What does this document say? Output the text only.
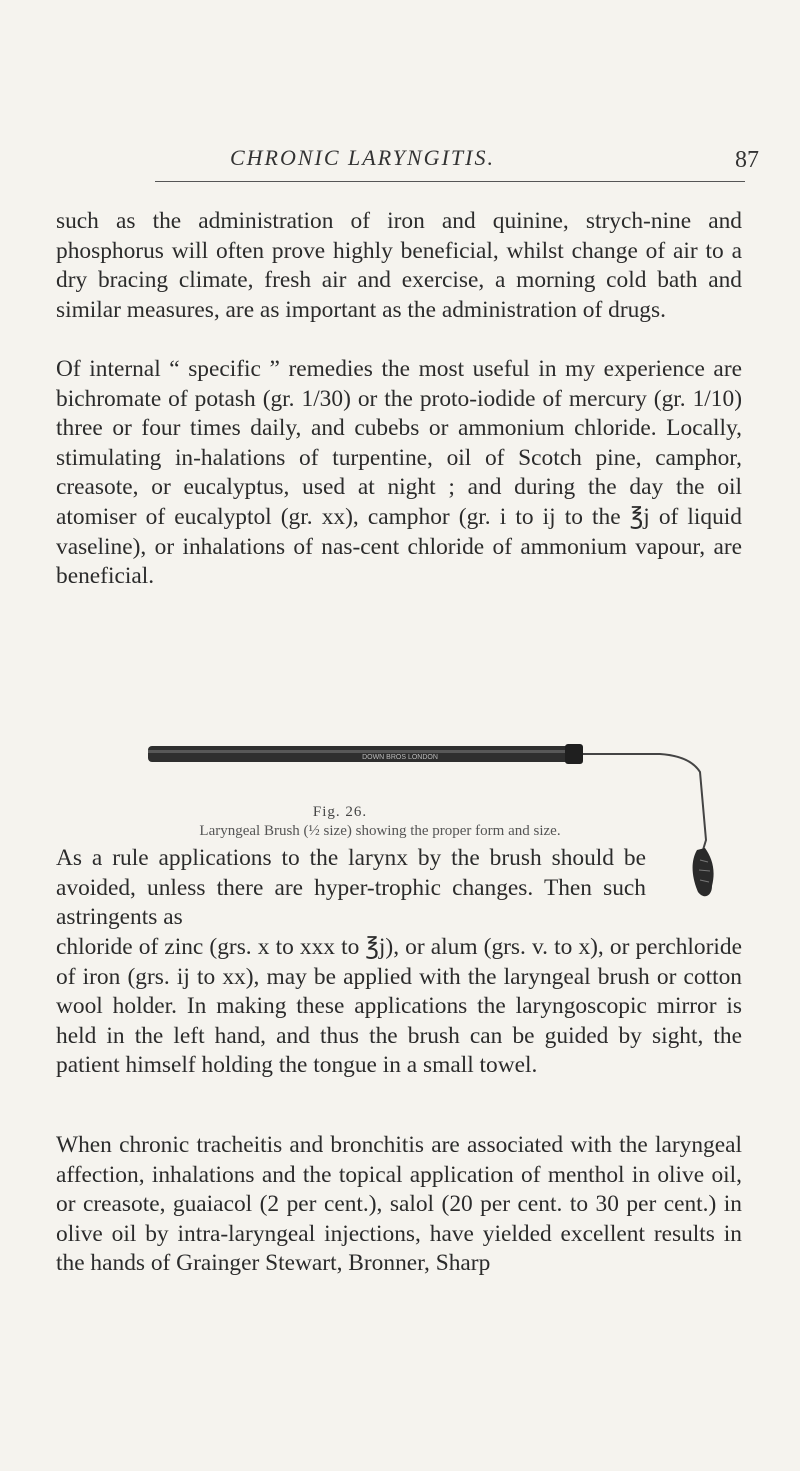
CHRONIC LARYNGITIS.	87

such as the administration of iron and quinine, strych-nine and phosphorus will often prove highly beneficial, whilst change of air to a dry bracing climate, fresh air and exercise, a morning cold bath and similar measures, are as important as the administration of drugs.

Of internal “ specific ” remedies the most useful in my experience are bichromate of potash (gr. 1/30) or the proto-iodide of mercury (gr. 1/10) three or four times daily, and cubebs or ammonium chloride. Locally, stimulating in-halations of turpentine, oil of Scotch pine, camphor, creasote, or eucalyptus, used at night ; and during the day the oil atomiser of eucalyptol (gr. xx), camphor (gr. i to ij to the ℥j of liquid vaseline), or inhalations of nas-cent chloride of ammonium vapour, are beneficial.

DOWN BROS LONDON
Fig. 26.
Laryngeal Brush (½ size) showing the proper form and size.

As a rule applications to the larynx by the brush should be avoided, unless there are hyper-trophic changes. Then such astringents as

chloride of zinc (grs. x to xxx to ℥j), or alum (grs. v. to x), or perchloride of iron (grs. ij to xx), may be applied with the laryngeal brush or cotton wool holder. In making these applications the laryngoscopic mirror is held in the left hand, and thus the brush can be guided by sight, the patient himself holding the tongue in a small towel.

When chronic tracheitis and bronchitis are associated with the laryngeal affection, inhalations and the topical application of menthol in olive oil, or creasote, guaiacol (2 per cent.), salol (20 per cent. to 30 per cent.) in olive oil by intra-laryngeal injections, have yielded excellent results in the hands of Grainger Stewart, Bronner, Sharp
